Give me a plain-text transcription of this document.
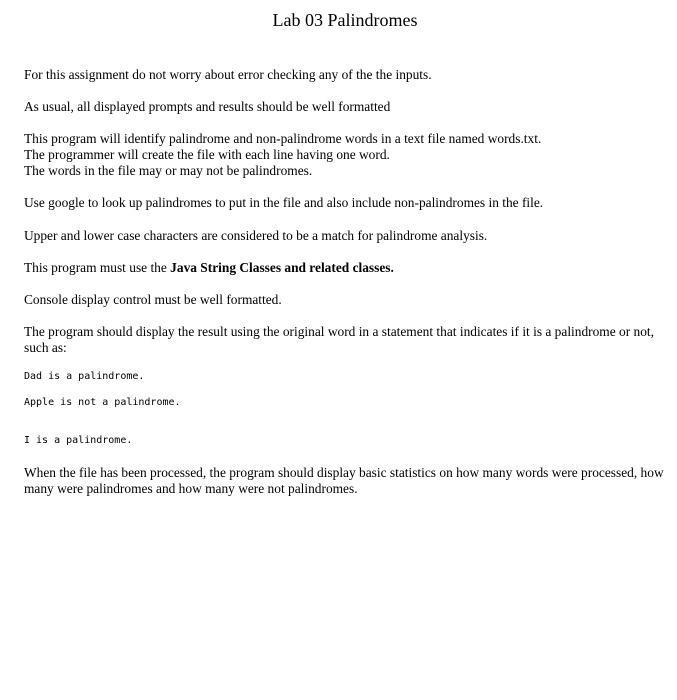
Lab 03 Palindromes

For this assignment do not worry about error checking any of the the inputs.

As usual, all displayed prompts and results should be well formatted

This program will identify palindrome and non-palindrome words in a text file named words.txt.
The programmer will create the file with each line having one word.
The words in the file may or may not be palindromes.

Use google to look up palindromes to put in the file and also include non-palindromes in the file.

Upper and lower case characters are considered to be a match for palindrome analysis.

This program must use the Java String Classes and related classes.

Console display control must be well formatted.

The program should display the result using the original word in a statement that indicates if it is a palindrome or not, such as:

Dad is a palindrome.
Apple is not a palindrome.
I is a palindrome.

When the file has been processed, the program should display basic statistics on how many words were processed, how many were palindromes and how many were not palindromes.
